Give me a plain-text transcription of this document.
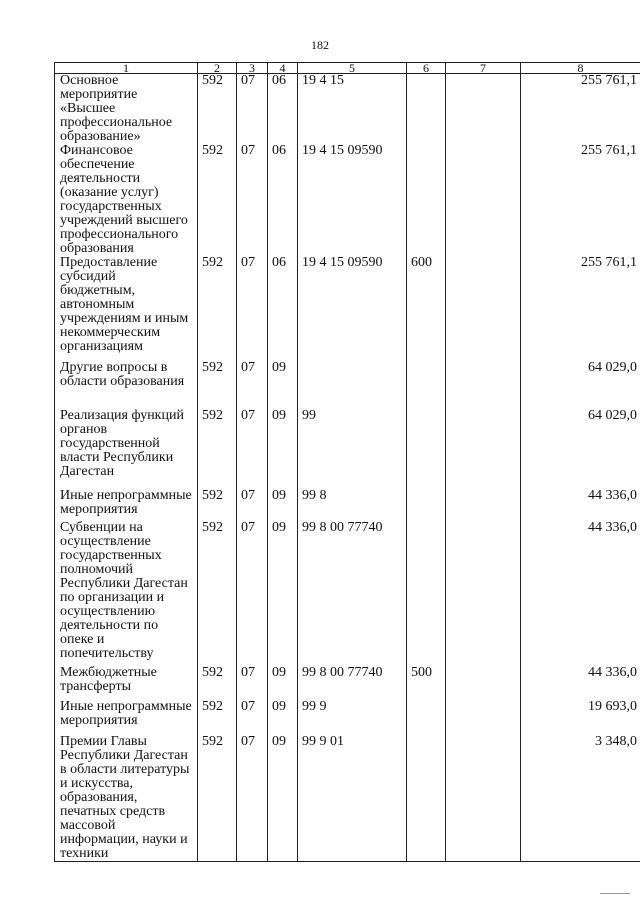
182
1	2	3	4	5	6	7	8
Основное мероприятие «Высшее профессиональное образование»	592	07	06	19 4 15			255 761,1
Финансовое обеспечение деятельности (оказание услуг) государственных учреждений высшего профессионального образования	592	07	06	19 4 15 09590			255 761,1
Предоставление субсидий бюджетным, автономным учреждениям и иным некоммерческим организациям	592	07	06	19 4 15 09590	600		255 761,1
Другие вопросы в области образования	592	07	09				64 029,0
Реализация функций органов государственной власти Республики Дагестан	592	07	09	99			64 029,0
Иные непрограммные мероприятия	592	07	09	99 8			44 336,0
Субвенции на осуществление государственных полномочий Республики Дагестан по организации и осуществлению деятельности по опеке и попечительству	592	07	09	99 8 00 77740			44 336,0
Межбюджетные трансферты	592	07	09	99 8 00 77740	500		44 336,0
Иные непрограммные мероприятия	592	07	09	99 9			19 693,0
Премии Главы Республики Дагестан в области литературы и искусства, образования, печатных средств массовой информации, науки и техники	592	07	09	99 9 01			3 348,0
